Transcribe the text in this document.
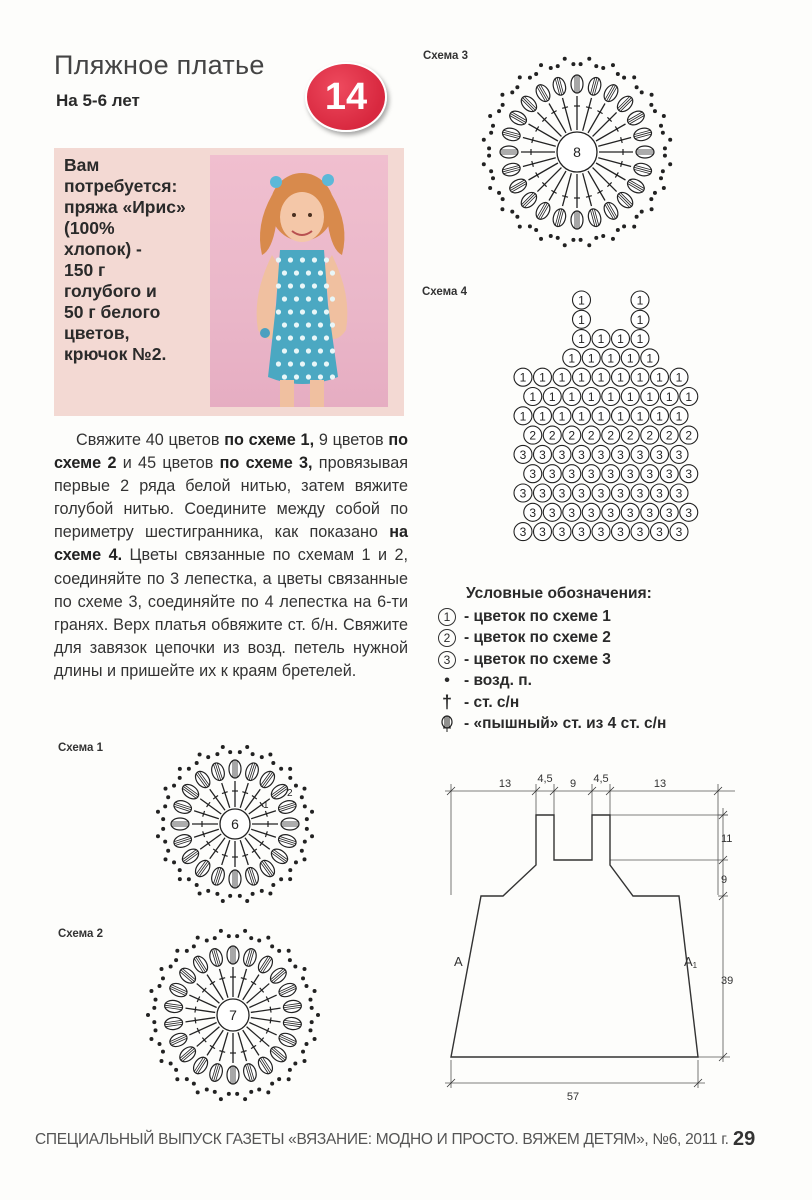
Пляжное платье
На 5-6 лет	14
Вам
потребуется:
пряжа «Ирис»
(100%
хлопок) -
150 г
голубого и
50 г белого
цветов,
крючок №2.

Свяжите 40 цветов по схеме 1, 9 цветов по схеме 2 и 45 цветов по схеме 3, провязывая первые 2 ряда белой нитью, затем вяжите голубой нитью. Соедините между собой по периметру шестигранника, как показано на схеме 4. Цветы связанные по схемам 1 и 2, соединяйте по 3 лепестка, а цветы связанные по схеме 3, соединяйте по 4 лепестка на 6-ти гранях. Верх платья обвяжите ст. б/н. Свяжите для завязок цепочки из возд. петель нужной длины и пришейте их к краям бретелей.

Схема 3
Схема 4
Схема 1
Схема 2
8
6
1
2
7
1	1
1	1
1 1 1 1
1 1 1 1 1
1 1 1 1 1 1 1 1 1
1 1 1 1 1 1 1 1 1
1 1 1 1 1 1 1 1 1
2 2 2 2 2 2 2 2 2
3 3 3 3 3 3 3 3 3
3 3 3 3 3 3 3 3 3
3 3 3 3 3 3 3 3 3
3 3 3 3 3 3 3 3 3
3 3 3 3 3 3 3 3 3
Условные обозначения:
1 - цветок по схеме 1
2 - цветок по схеме 2
3 - цветок по схеме 3
• - возд. п.
† - ст. с/н
- «пышный» ст. из 4 ст. с/н
13 4,5 9 4,5	13
11
9
39
57
A	A1
СПЕЦИАЛЬНЫЙ ВЫПУСК ГАЗЕТЫ «ВЯЗАНИЕ: МОДНО И ПРОСТО. ВЯЖЕМ ДЕТЯМ», №6, 2011 г. 29
